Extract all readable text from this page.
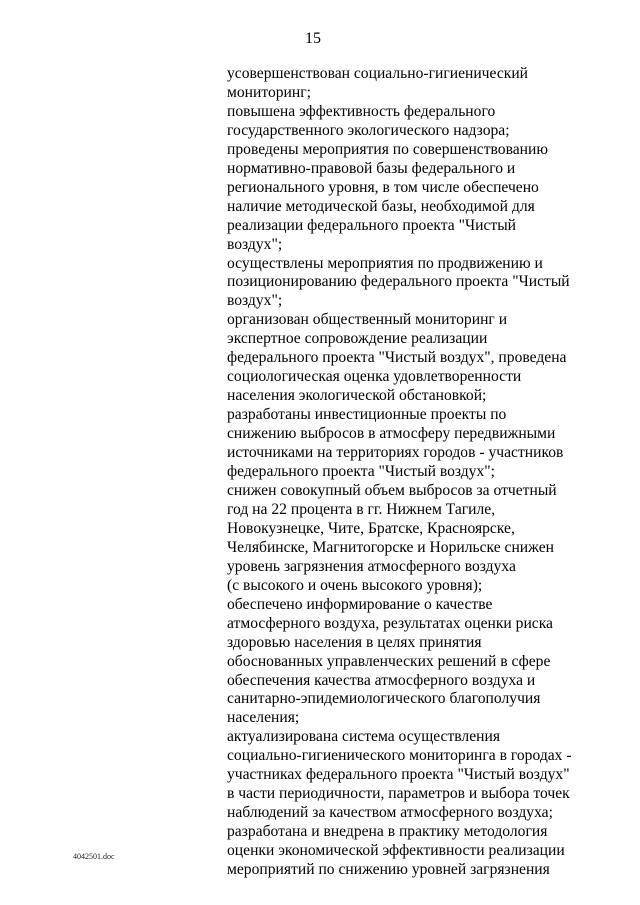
15
усовершенствован социально-гигиенический
мониторинг;
повышена эффективность федерального
государственного экологического надзора;
проведены мероприятия по совершенствованию
нормативно-правовой базы федерального и
регионального уровня, в том числе обеспечено
наличие методической базы, необходимой для
реализации федерального проекта "Чистый
воздух";
осуществлены мероприятия по продвижению и
позиционированию федерального проекта "Чистый
воздух";
организован общественный мониторинг и
экспертное сопровождение реализации
федерального проекта "Чистый воздух", проведена
социологическая оценка удовлетворенности
населения экологической обстановкой;
разработаны инвестиционные проекты по
снижению выбросов в атмосферу передвижными
источниками на территориях городов - участников
федерального проекта "Чистый воздух";
снижен совокупный объем выбросов за отчетный
год на 22 процента в гг. Нижнем Тагиле,
Новокузнецке, Чите, Братске, Красноярске,
Челябинске, Магнитогорске и Норильске снижен
уровень загрязнения атмосферного воздуха
(с высокого и очень высокого уровня);
обеспечено информирование о качестве
атмосферного воздуха, результатах оценки риска
здоровью населения в целях принятия
обоснованных управленческих решений в сфере
обеспечения качества атмосферного воздуха и
санитарно-эпидемиологического благополучия
населения;
актуализирована система осуществления
социально-гигиенического мониторинга в городах -
участниках федерального проекта "Чистый воздух"
в части периодичности, параметров и выбора точек
наблюдений за качеством атмосферного воздуха;
разработана и внедрена в практику методология
оценки экономической эффективности реализации
мероприятий по снижению уровней загрязнения
4042501.doc
